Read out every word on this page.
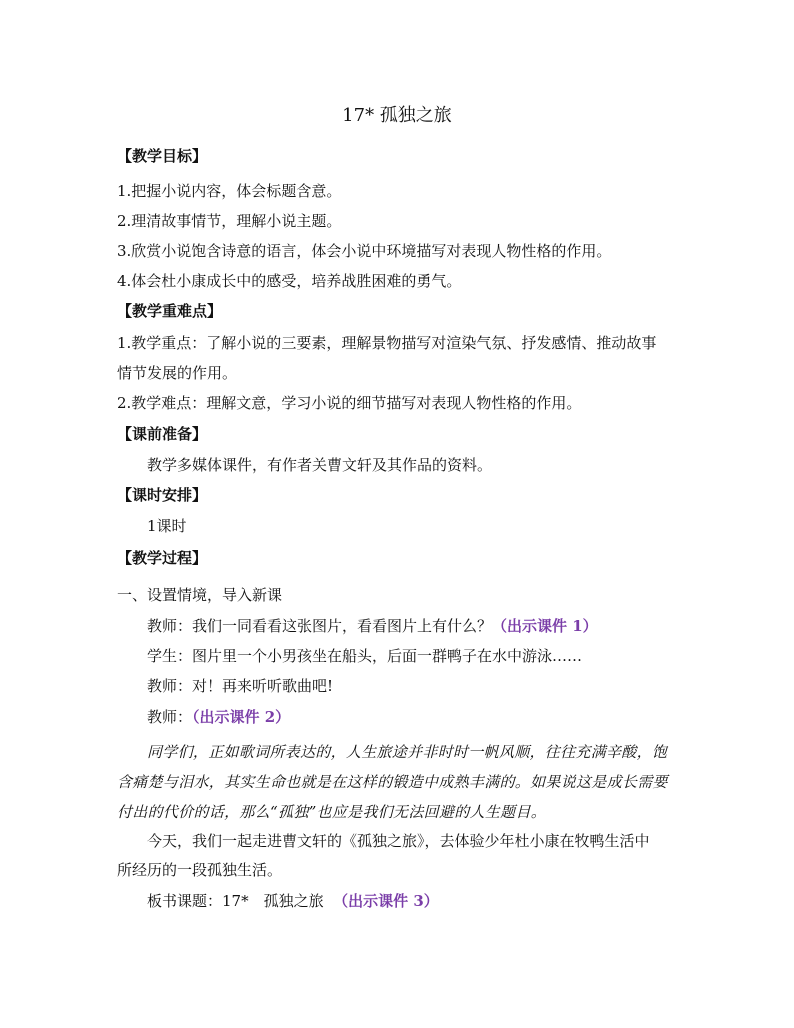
17* 孤独之旅
【教学目标】
1.把握小说内容，体会标题含意。
2.理清故事情节，理解小说主题。
3.欣赏小说饱含诗意的语言，体会小说中环境描写对表现人物性格的作用。
4.体会杜小康成长中的感受，培养战胜困难的勇气。
【教学重难点】
1.教学重点：了解小说的三要素，理解景物描写对渲染气氛、抒发感情、推动故事
情节发展的作用。
2.教学难点：理解文意，学习小说的细节描写对表现人物性格的作用。
【课前准备】
教学多媒体课件，有作者关曹文轩及其作品的资料。
【课时安排】
1课时
【教学过程】
一、设置情境，导入新课
教师：我们一同看看这张图片，看看图片上有什么？（出示课件 1）
学生：图片里一个小男孩坐在船头，后面一群鸭子在水中游泳……
教师：对！再来听听歌曲吧!
教师：（出示课件 2）
同学们，正如歌词所表达的，人生旅途并非时时一帆风顺，往往充满辛酸，饱
含痛楚与泪水，其实生命也就是在这样的锻造中成熟丰满的。如果说这是成长需要
付出的代价的话，那么“孤独”也应是我们无法回避的人生题目。
今天，我们一起走进曹文轩的《孤独之旅》，去体验少年杜小康在牧鸭生活中
所经历的一段孤独生活。
板书课题：17*　孤独之旅 （出示课件 3）
